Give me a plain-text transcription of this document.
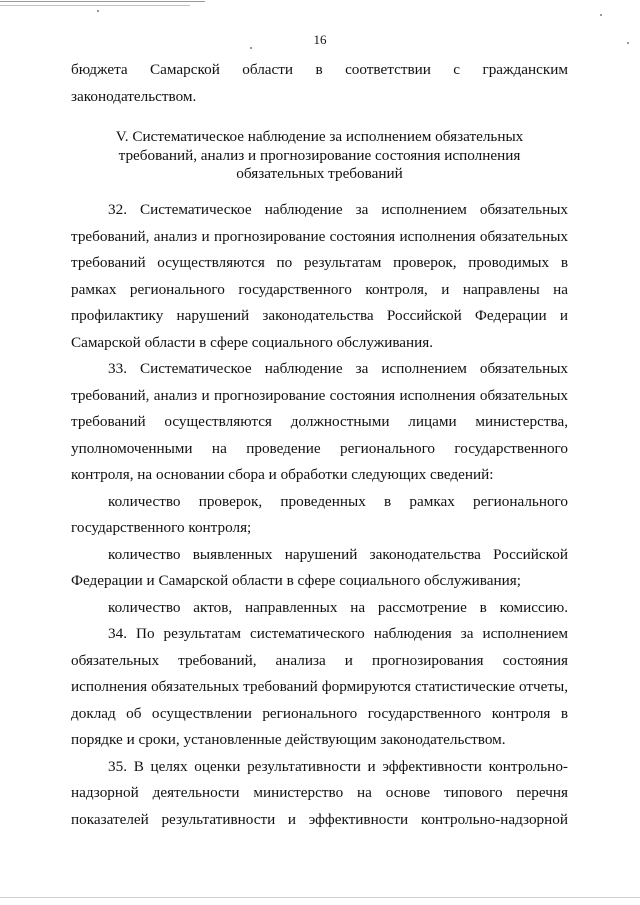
16
бюджета Самарской области в соответствии с гражданским
законодательством.
V. Систематическое наблюдение за исполнением обязательных
требований, анализ и прогнозирование состояния исполнения
обязательных требований
32. Систематическое наблюдение за исполнением обязательных
требований, анализ и прогнозирование состояния исполнения обязательных
требований осуществляются по результатам проверок, проводимых в
рамках регионального государственного контроля, и направлены на
профилактику нарушений законодательства Российской Федерации и
Самарской области в сфере социального обслуживания.
33. Систематическое наблюдение за исполнением обязательных
требований, анализ и прогнозирование состояния исполнения обязательных
требований осуществляются должностными лицами министерства,
уполномоченными на проведение регионального государственного
контроля, на основании сбора и обработки следующих сведений:
количество проверок, проведенных в рамках регионального
государственного контроля;
количество выявленных нарушений законодательства Российской
Федерации и Самарской области в сфере социального обслуживания;
количество актов, направленных на рассмотрение в комиссию.
34. По результатам систематического наблюдения за исполнением
обязательных требований, анализа и прогнозирования состояния
исполнения обязательных требований формируются статистические отчеты,
доклад об осуществлении регионального государственного контроля в
порядке и сроки, установленные действующим законодательством.
35. В целях оценки результативности и эффективности контрольно-
надзорной деятельности министерство на основе типового перечня
показателей результативности и эффективности контрольно-надзорной
